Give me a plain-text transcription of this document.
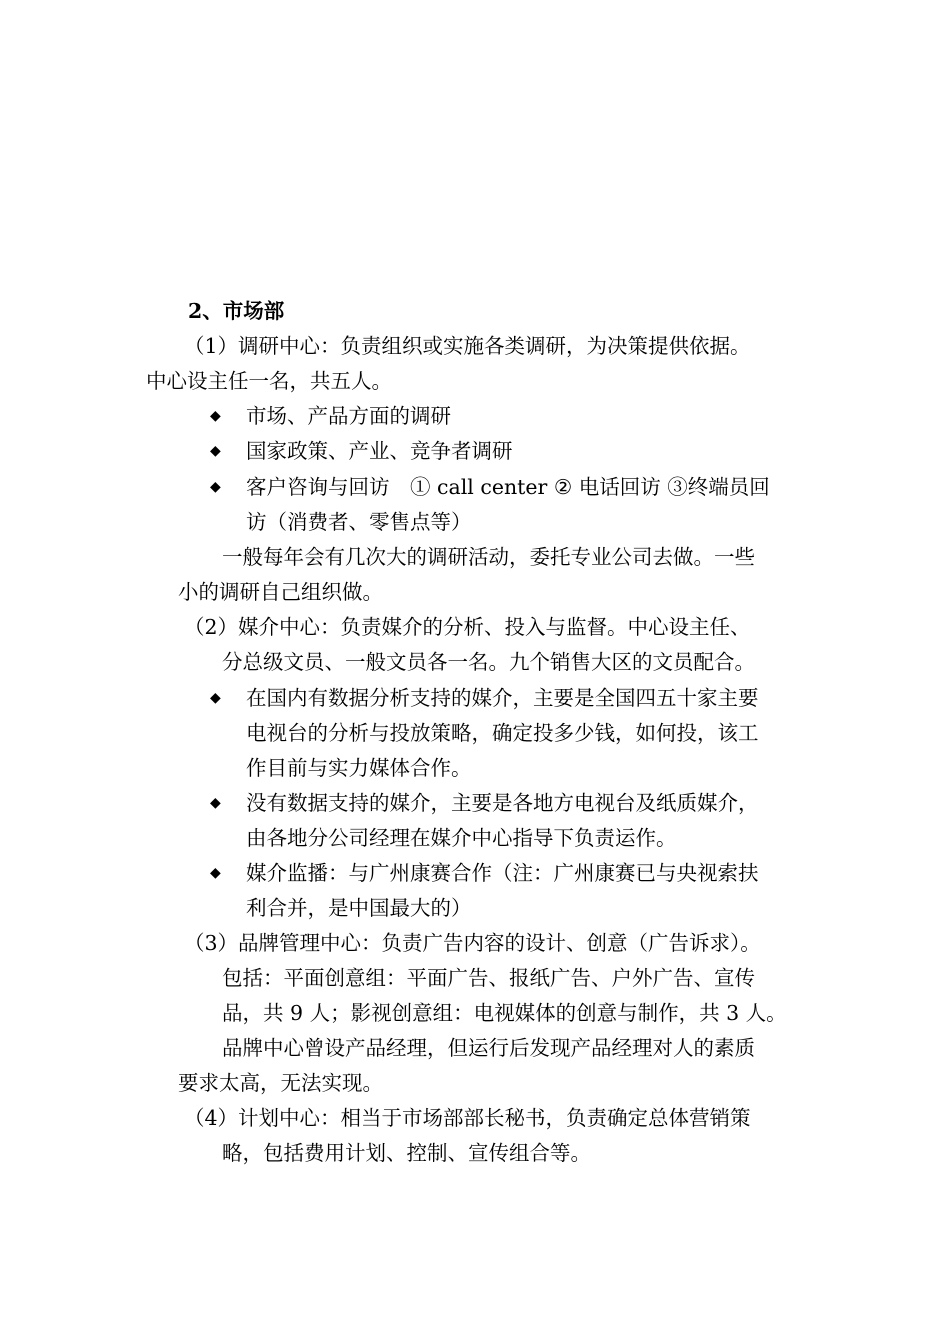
2、市场部
（1）调研中心：负责组织或实施各类调研，为决策提供依据。
中心设主任一名，共五人。
◆ 市场、产品方面的调研
◆ 国家政策、产业、竞争者调研
◆ 客户咨询与回访　① call center ② 电话回访 ③终端员回
访（消费者、零售点等）
一般每年会有几次大的调研活动，委托专业公司去做。一些
小的调研自己组织做。
（2）媒介中心：负责媒介的分析、投入与监督。中心设主任、
分总级文员、一般文员各一名。九个销售大区的文员配合。
◆ 在国内有数据分析支持的媒介，主要是全国四五十家主要
电视台的分析与投放策略，确定投多少钱，如何投，该工
作目前与实力媒体合作。
◆ 没有数据支持的媒介，主要是各地方电视台及纸质媒介，
由各地分公司经理在媒介中心指导下负责运作。
◆ 媒介监播：与广州康赛合作（注：广州康赛已与央视索扶
利合并，是中国最大的）
（3）品牌管理中心：负责广告内容的设计、创意（广告诉求）。
包括：平面创意组：平面广告、报纸广告、户外广告、宣传
品，共 9 人；影视创意组：电视媒体的创意与制作，共 3 人。
品牌中心曾设产品经理，但运行后发现产品经理对人的素质
要求太高，无法实现。
（4）计划中心：相当于市场部部长秘书，负责确定总体营销策
略，包括费用计划、控制、宣传组合等。
